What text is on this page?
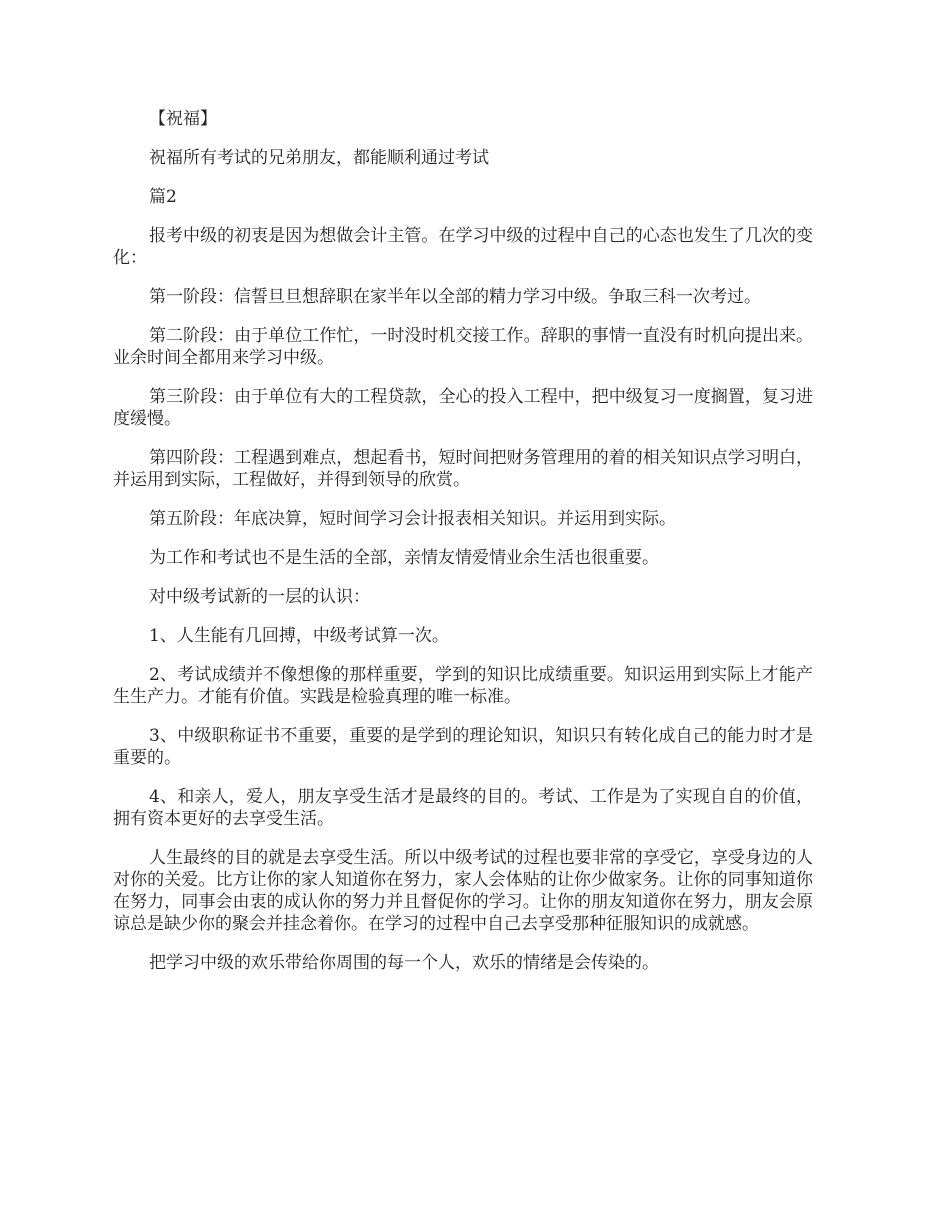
【祝福】

祝福所有考试的兄弟朋友，都能顺利通过考试

篇2

报考中级的初衷是因为想做会计主管。在学习中级的过程中自己的心态也发生了几次的变化：

第一阶段：信誓旦旦想辞职在家半年以全部的精力学习中级。争取三科一次考过。

第二阶段：由于单位工作忙，一时没时机交接工作。辞职的事情一直没有时机向提出来。业余时间全都用来学习中级。

第三阶段：由于单位有大的工程贷款，全心的投入工程中，把中级复习一度搁置，复习进度缓慢。

第四阶段：工程遇到难点，想起看书，短时间把财务管理用的着的相关知识点学习明白，并运用到实际，工程做好，并得到领导的欣赏。

第五阶段：年底决算，短时间学习会计报表相关知识。并运用到实际。

为工作和考试也不是生活的全部，亲情友情爱情业余生活也很重要。

对中级考试新的一层的认识：

1、人生能有几回搏，中级考试算一次。

2、考试成绩并不像想像的那样重要，学到的知识比成绩重要。知识运用到实际上才能产生生产力。才能有价值。实践是检验真理的唯一标准。

3、中级职称证书不重要，重要的是学到的理论知识，知识只有转化成自己的能力时才是重要的。

4、和亲人，爱人，朋友享受生活才是最终的目的。考试、工作是为了实现自自的价值，拥有资本更好的去享受生活。

人生最终的目的就是去享受生活。所以中级考试的过程也要非常的享受它，享受身边的人对你的关爱。比方让你的家人知道你在努力，家人会体贴的让你少做家务。让你的同事知道你在努力，同事会由衷的成认你的努力并且督促你的学习。让你的朋友知道你在努力，朋友会原谅总是缺少你的聚会并挂念着你。在学习的过程中自己去享受那种征服知识的成就感。

把学习中级的欢乐带给你周围的每一个人，欢乐的情绪是会传染的。
